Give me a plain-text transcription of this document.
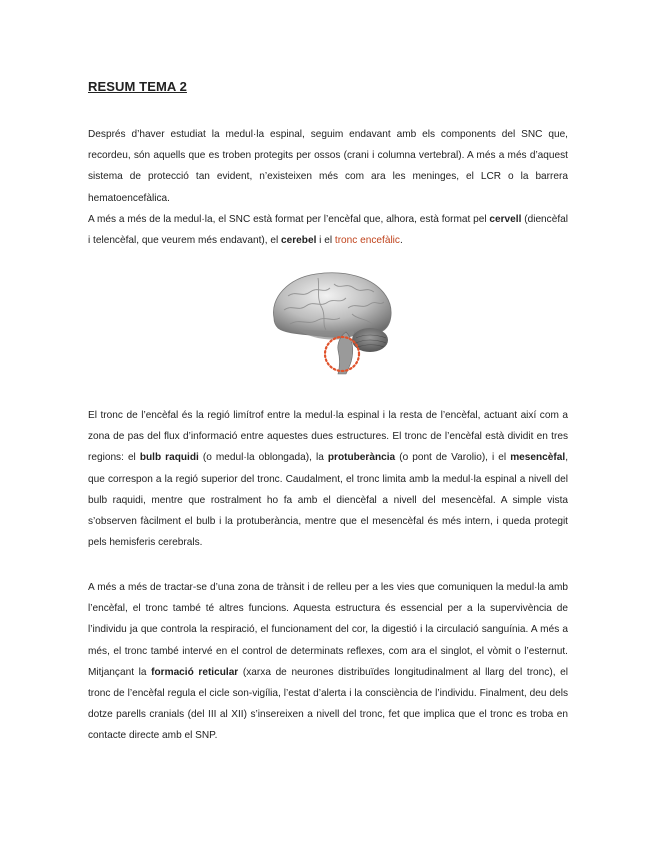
RESUM TEMA 2

Després d’haver estudiat la medul·la espinal, seguim endavant amb els components del SNC que, recordeu, són aquells que es troben protegits per ossos (crani i columna vertebral). A més a més d’aquest sistema de protecció tan evident, n’existeixen més com ara les meninges, el LCR o la barrera hematoencefàlica.

A més a més de la medul·la, el SNC està format per l’encèfal que, alhora, està format pel cervell (diencèfal i telencèfal, que veurem més endavant), el cerebel i el tronc encefàlic.

El tronc de l’encèfal és la regió limítrof entre la medul·la espinal i la resta de l’encèfal, actuant així com a zona de pas del flux d’informació entre aquestes dues estructures. El tronc de l’encèfal està dividit en tres regions: el bulb raquidi (o medul·la oblongada), la protuberància (o pont de Varolio), i el mesencèfal, que correspon a la regió superior del tronc. Caudalment, el tronc limita amb la medul·la espinal a nivell del bulb raquidi, mentre que rostralment ho fa amb el diencèfal a nivell del mesencèfal. A simple vista s’observen fàcilment el bulb i la protuberància, mentre que el mesencèfal és més intern, i queda protegit pels hemisferis cerebrals.

A més a més de tractar-se d’una zona de trànsit i de relleu per a les vies que comuniquen la medul·la amb l’encèfal, el tronc també té altres funcions. Aquesta estructura és essencial per a la supervivència de l’individu ja que controla la respiració, el funcionament del cor, la digestió i la circulació sanguínia. A més a més, el tronc també intervé en el control de determinats reflexes, com ara el singlot, el vòmit o l’esternut. Mitjançant la formació reticular (xarxa de neurones distribuïdes longitudinalment al llarg del tronc), el tronc de l’encèfal regula el cicle son-vigília, l’estat d’alerta i la consciència de l’individu. Finalment, deu dels dotze parells cranials (del III al XII) s’insereixen a nivell del tronc, fet que implica que el tronc es troba en contacte directe amb el SNP.
